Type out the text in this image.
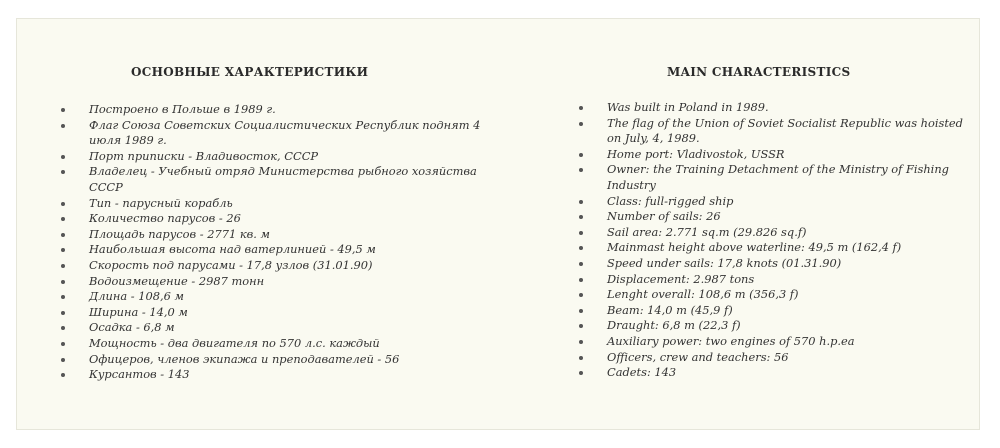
ОСНОВНЫЕ ХАРАКТЕРИСТИКИ
Построено в Польше в 1989 г.
Флаг Союза Советских Социалистических Республик поднят 4 июля 1989 г.
Порт приписки - Владивосток, СССР
Владелец - Учебный отряд Министерства рыбного хозяйства СССР
Тип - парусный корабль
Количество парусов - 26
Площадь парусов - 2771 кв. м
Наибольшая высота над ватерлинией - 49,5 м
Скорость под парусами - 17,8 узлов (31.01.90)
Водоизмещение - 2987 тонн
Длина - 108,6 м
Ширина - 14,0 м
Осадка - 6,8 м
Мощность - два двигателя по 570 л.с. каждый
Офицеров, членов экипажа и преподавателей - 56
Курсантов - 143
MAIN CHARACTERISTICS
Was built in Poland in 1989.
The flag of the Union of Soviet Socialist Republic was hoisted on July, 4, 1989.
Home port: Vladivostok, USSR
Owner: the Training Detachment of the Ministry of Fishing Industry
Class: full-rigged ship
Number of sails: 26
Sail area: 2.771 sq.m (29.826 sq.f)
Mainmast height above waterline: 49,5 m (162,4 f)
Speed under sails: 17,8 knots (01.31.90)
Displacement: 2.987 tons
Lenght overall: 108,6 m (356,3 f)
Beam: 14,0 m (45,9 f)
Draught: 6,8 m (22,3 f)
Auxiliary power: two engines of 570 h.p.ea
Officers, crew and teachers: 56
Cadets: 143
